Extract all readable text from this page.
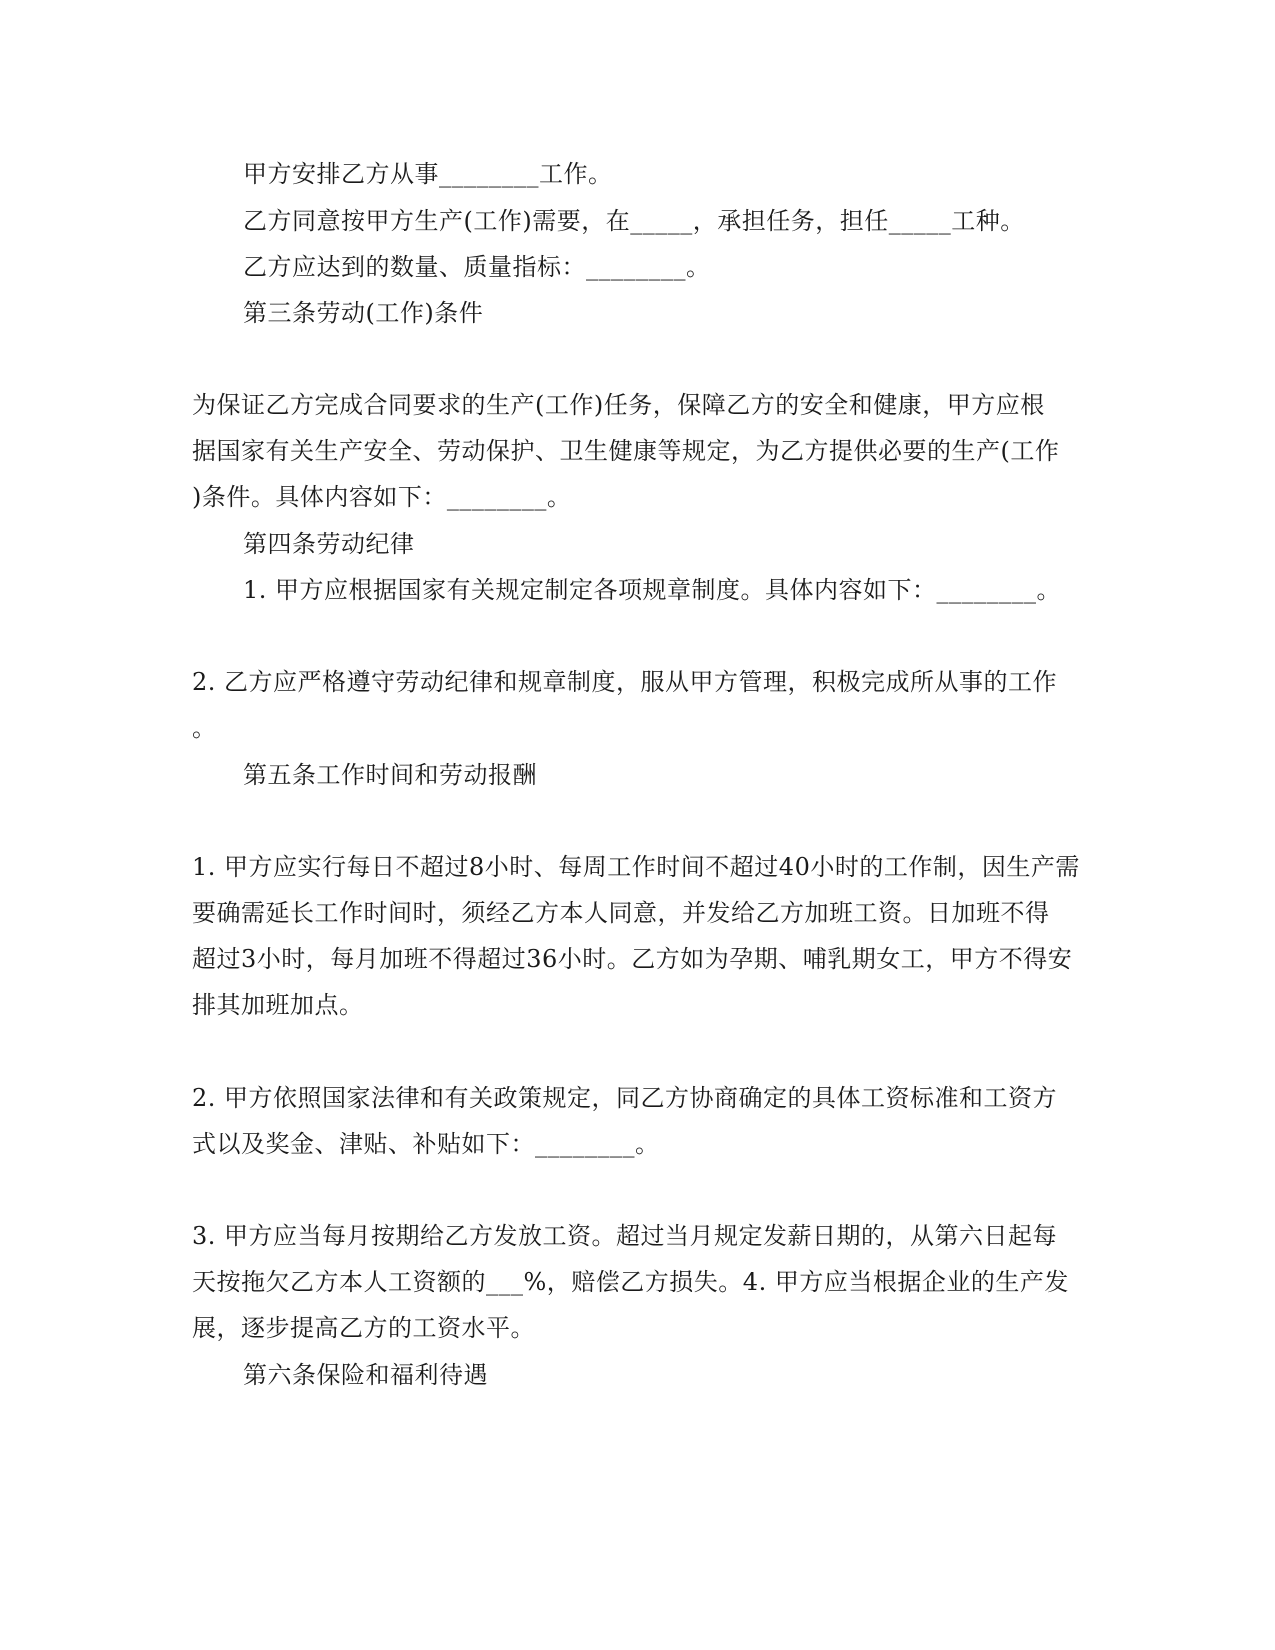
甲方安排乙方从事________工作。
乙方同意按甲方生产(工作)需要，在_____，承担任务，担任_____工种。
乙方应达到的数量、质量指标：________。
第三条劳动(工作)条件
为保证乙方完成合同要求的生产(工作)任务，保障乙方的安全和健康，甲方应根
据国家有关生产安全、劳动保护、卫生健康等规定，为乙方提供必要的生产(工作
)条件。具体内容如下：________。
第四条劳动纪律
1. 甲方应根据国家有关规定制定各项规章制度。具体内容如下：________。
2. 乙方应严格遵守劳动纪律和规章制度，服从甲方管理，积极完成所从事的工作
。
第五条工作时间和劳动报酬
1. 甲方应实行每日不超过8小时、每周工作时间不超过40小时的工作制，因生产需
要确需延长工作时间时，须经乙方本人同意，并发给乙方加班工资。日加班不得
超过3小时，每月加班不得超过36小时。乙方如为孕期、哺乳期女工，甲方不得安
排其加班加点。
2. 甲方依照国家法律和有关政策规定，同乙方协商确定的具体工资标准和工资方
式以及奖金、津贴、补贴如下：________。
3. 甲方应当每月按期给乙方发放工资。超过当月规定发薪日期的，从第六日起每
天按拖欠乙方本人工资额的___%，赔偿乙方损失。4. 甲方应当根据企业的生产发
展，逐步提高乙方的工资水平。
第六条保险和福利待遇
